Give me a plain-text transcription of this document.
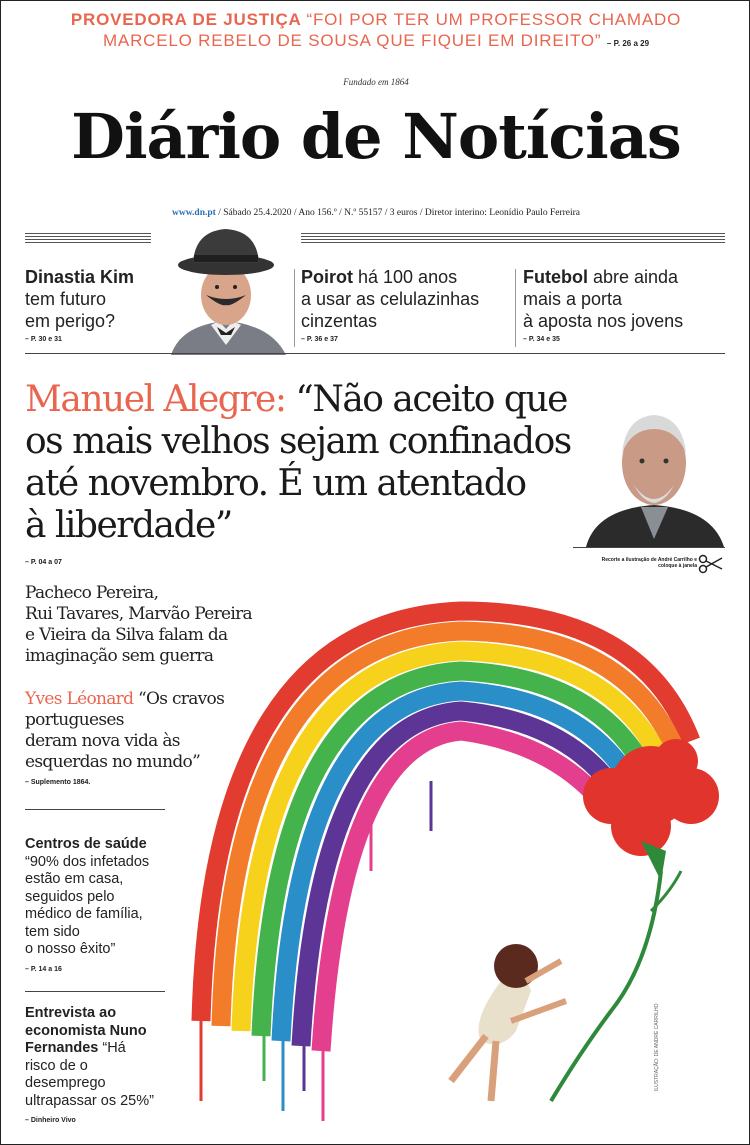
PROVEDORA DE JUSTIÇA “FOI POR TER UM PROFESSOR CHAMADO
MARCELO REBELO DE SOUSA QUE FIQUEI EM DIREITO” – P. 26 a 29
Fundado em 1864
Diário de Notícias
www.dn.pt / Sábado 25.4.2020 / Ano 156.º / N.º 55157 / 3 euros / Diretor interino: Leonídio Paulo Ferreira
Dinastia Kim
tem futuro
em perigo?
– P. 30 e 31
Poirot há 100 anos
a usar as celulazinhas
cinzentas
– P. 36 e 37
Futebol abre ainda
mais a porta
à aposta nos jovens
– P. 34 e 35
Manuel Alegre: “Não aceito que
os mais velhos sejam confinados
até novembro. É um atentado
à liberdade”
– P. 04 a 07	Recorte a ilustração de André Carrilho e coloque à janela
ILUSTRAÇÃO: DE ANDRÉ CARRILHO
Pacheco Pereira,
Rui Tavares, Marvão Pereira
e Vieira da Silva falam da
imaginação sem guerra
Yves Léonard “Os cravos
portugueses
deram nova vida às
esquerdas no mundo”
– Suplemento 1864.
Centros de saúde
“90% dos infetados
estão em casa,
seguidos pelo
médico de família,
tem sido
o nosso êxito”
– P. 14 a 16
Entrevista ao
economista Nuno
Fernandes “Há
risco de o
desemprego
ultrapassar os 25%”
– Dinheiro Vivo
